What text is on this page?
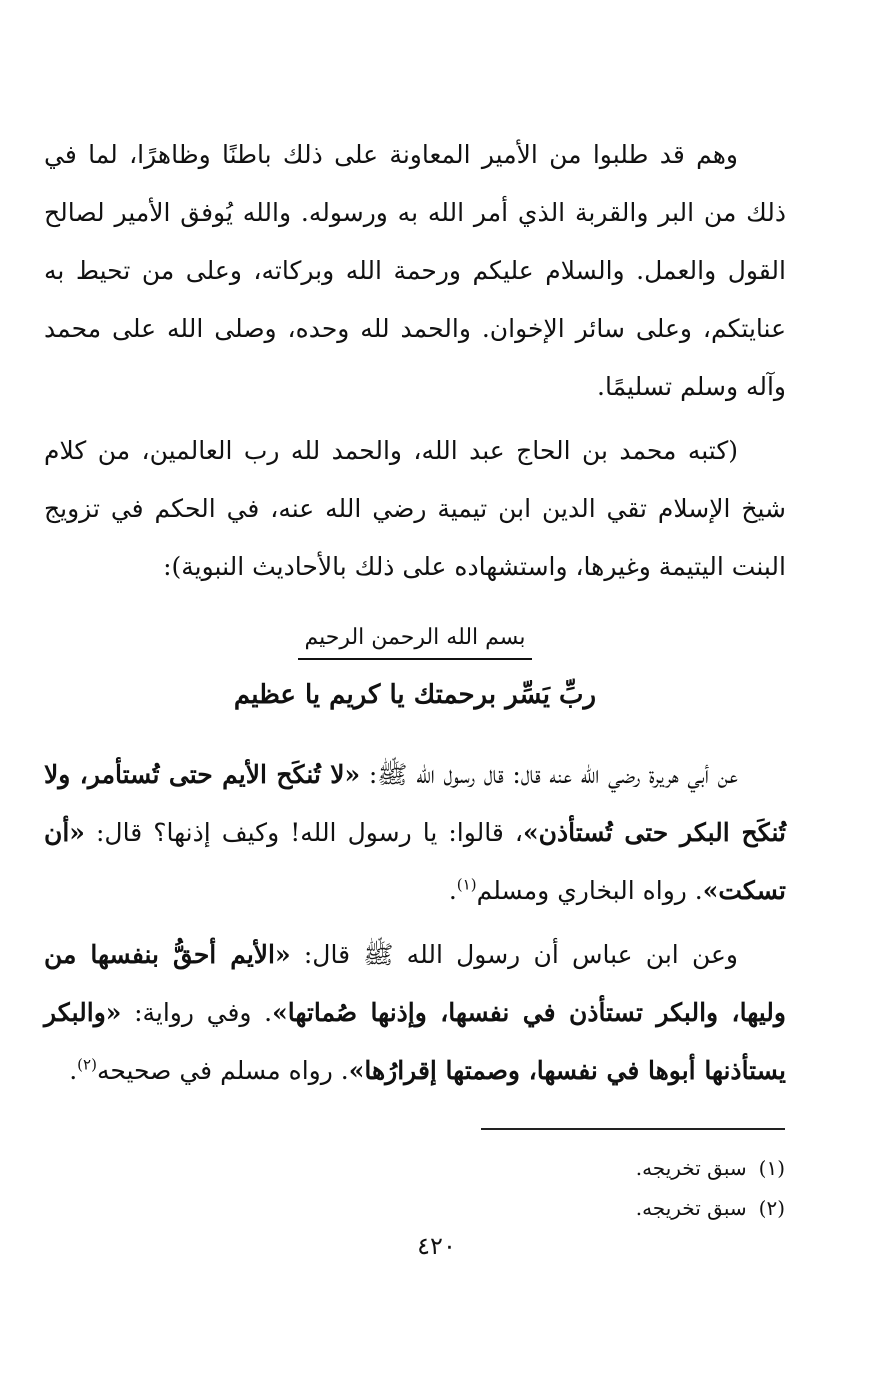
وهم قد طلبوا من الأمير المعاونة على ذلك باطنًا وظاهرًا، لما في ذلك من البر والقربة الذي أمر الله به ورسوله. والله يُوفق الأمير لصالح القول والعمل. والسلام عليكم ورحمة الله وبركاته، وعلى من تحيط به عنايتكم، وعلى سائر الإخوان. والحمد لله وحده، وصلى الله على محمد وآله وسلم تسليمًا.

(كتبه محمد بن الحاج عبد الله، والحمد لله رب العالمين، من كلام شيخ الإسلام تقي الدين ابن تيمية رضي الله عنه، في الحكم في تزويج البنت اليتيمة وغيرها، واستشهاده على ذلك بالأحاديث النبوية):

بسم الله الرحمن الرحيم
ربِّ يَسِّر برحمتك يا كريم يا عظيم

عن أبي هريرة رضي الله عنه قال: قال رسول الله ﷺ: «لا تُنكَح الأيم حتى تُستأمر، ولا تُنكَح البكر حتى تُستأذن»، قالوا: يا رسول الله! وكيف إذنها؟ قال: «أن تسكت». رواه البخاري ومسلم$^{(١)}$.

وعن ابن عباس أن رسول الله ﷺ قال: «الأيم أحقُّ بنفسها من وليها، والبكر تستأذن في نفسها، وإذنها صُماتها». وفي رواية: «والبكر يستأذنها أبوها في نفسها، وصمتها إقرارُها». رواه مسلم في صحيحه$^{(٢)}$.

(١)سبق تخريجه.
(٢)سبق تخريجه.
٤٢٠
